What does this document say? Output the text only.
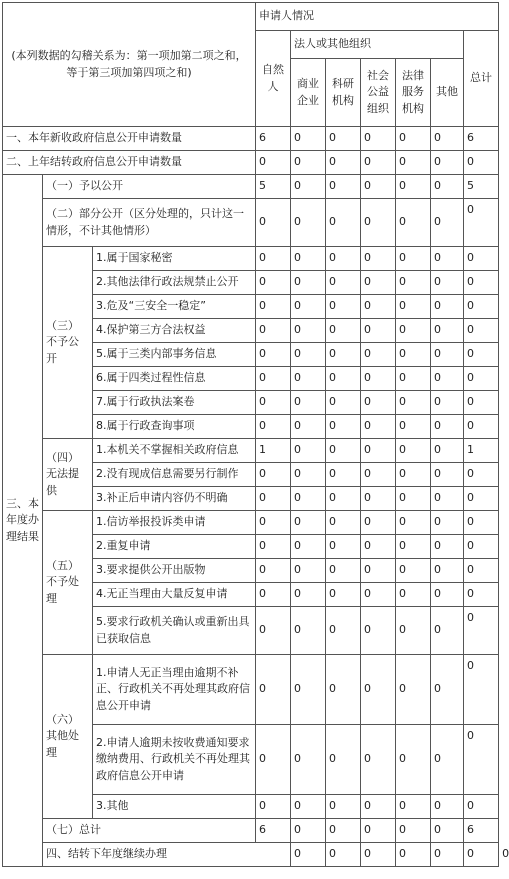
(本列数据的勾稽关系为：第一项加第二项之和，等于第三项加第四项之和)			申请人情况							
			自然人	法人或其他组织					总计	
				商业企业	科研机构	社会公益组织	法律服务机构	其他		
一、本年新收政府信息公开申请数量			6	0	0	0	0	0	6	
二、上年结转政府信息公开申请数量			0	0	0	0	0	0	0	
三、本年度办理结果	（一）予以公开		5	0	0	0	0	0	5	
	（二）部分公开（区分处理的，只计这一情形，不计其他情形）		0	0	0	0	0	0	0	
	（三）不予公开	1.属于国家秘密	0	0	0	0	0	0	0	
		2.其他法律行政法规禁止公开	0	0	0	0	0	0	0	
		3.危及“三安全一稳定”	0	0	0	0	0	0	0	
		4.保护第三方合法权益	0	0	0	0	0	0	0	
		5.属于三类内部事务信息	0	0	0	0	0	0	0	
		6.属于四类过程性信息	0	0	0	0	0	0	0	
		7.属于行政执法案卷	0	0	0	0	0	0	0	
		8.属于行政查询事项	0	0	0	0	0	0	0	
	（四）无法提供	1.本机关不掌握相关政府信息	1	0	0	0	0	0	1	
		2.没有现成信息需要另行制作	0	0	0	0	0	0	0	
		3.补正后申请内容仍不明确	0	0	0	0	0	0	0	
	（五）不予处理	1.信访举报投诉类申请	0	0	0	0	0	0	0	
		2.重复申请	0	0	0	0	0	0	0	
		3.要求提供公开出版物	0	0	0	0	0	0	0	
		4.无正当理由大量反复申请	0	0	0	0	0	0	0	
		5.要求行政机关确认或重新出具已获取信息	0	0	0	0	0	0	0	
	（六）其他处理	1.申请人无正当理由逾期不补正、行政机关不再处理其政府信息公开申请	0	0	0	0	0	0	0	
		2.申请人逾期未按收费通知要求缴纳费用、行政机关不再处理其政府信息公开申请	0	0	0	0	0	0	0	
		3.其他	0	0	0	0	0	0	0	
	（七）总计		6	0	0	0	0	0	6	
	四、结转下年度继续办理			0	0	0	0	0	0	0
